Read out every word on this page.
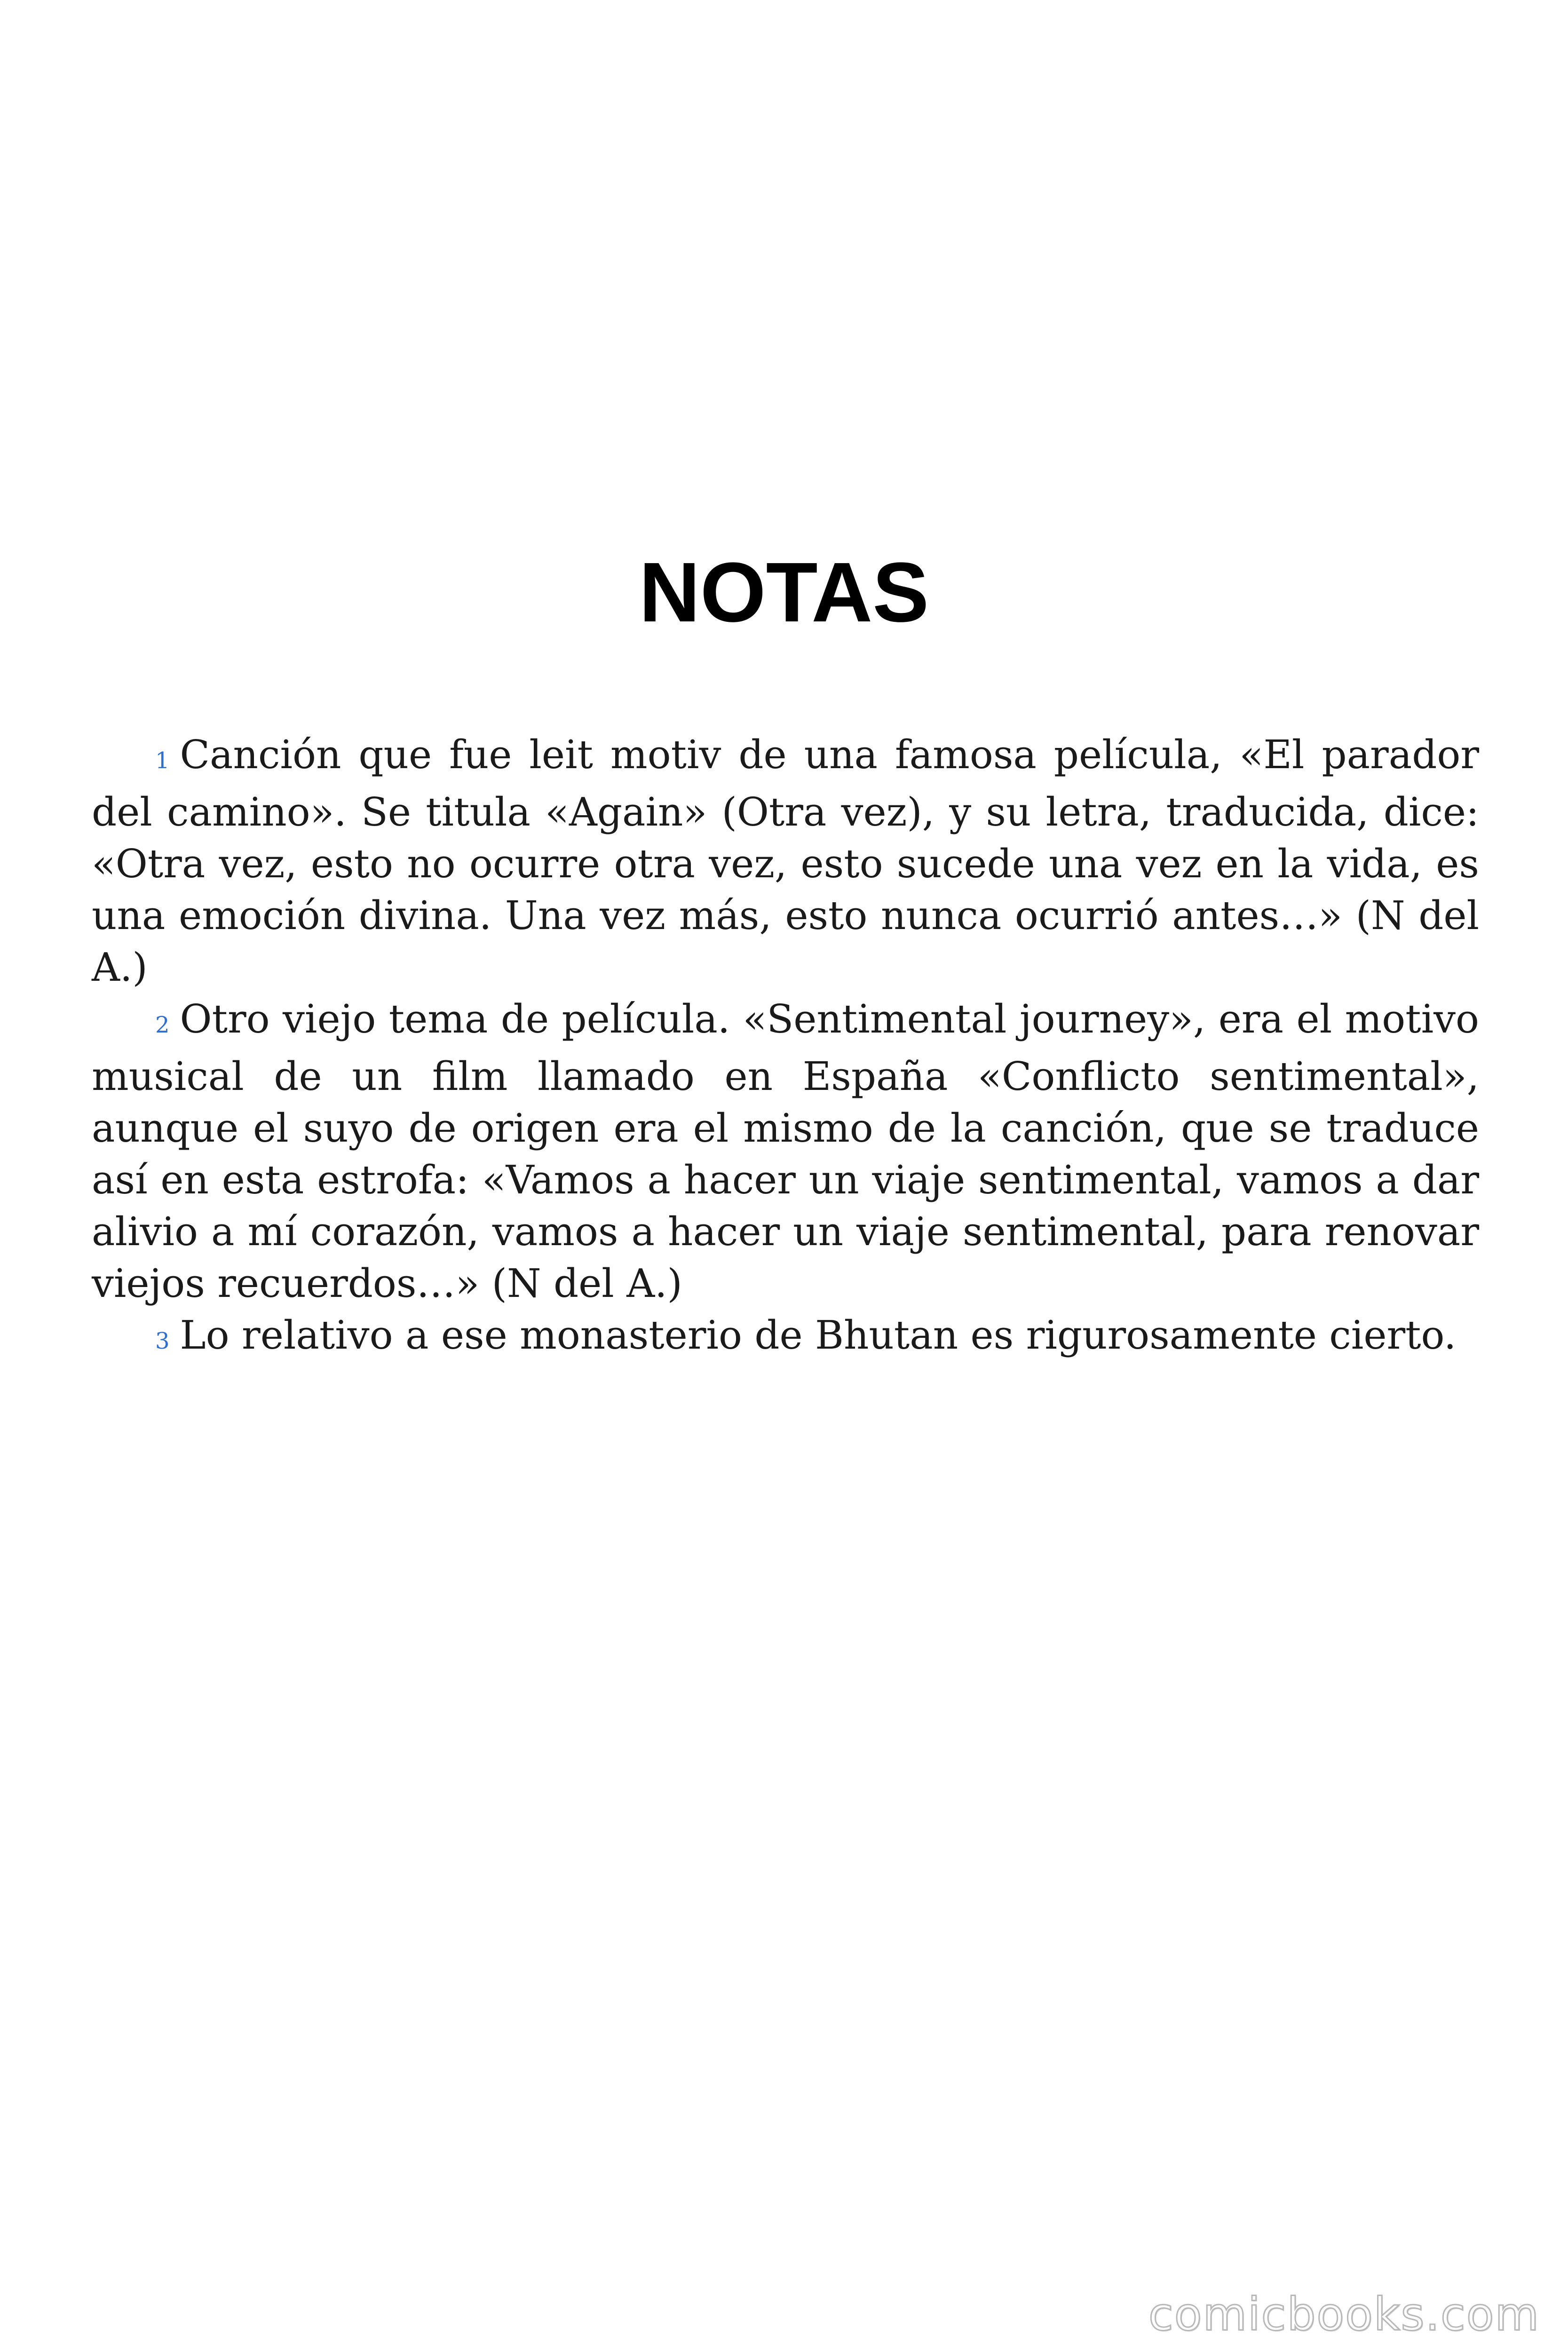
NOTAS

1 Canción que fue leit motiv de una famosa película, «El parador del camino». Se titula «Again» (Otra vez), y su letra, traducida, dice: «Otra vez, esto no ocurre otra vez, esto sucede una vez en la vida, es una emoción divina. Una vez más, esto nunca ocurrió antes…» (N del A.)

2 Otro viejo tema de película. «Sentimental journey», era el motivo musical de un film llamado en España «Conflicto sentimental», aunque el suyo de origen era el mismo de la canción, que se traduce así en esta estrofa: «Vamos a hacer un viaje sentimental, vamos a dar alivio a mí corazón, vamos a hacer un viaje sentimental, para renovar viejos recuerdos…» (N del A.)

3 Lo relativo a ese monasterio de Bhutan es rigurosamente cierto.

comicbooks.com
